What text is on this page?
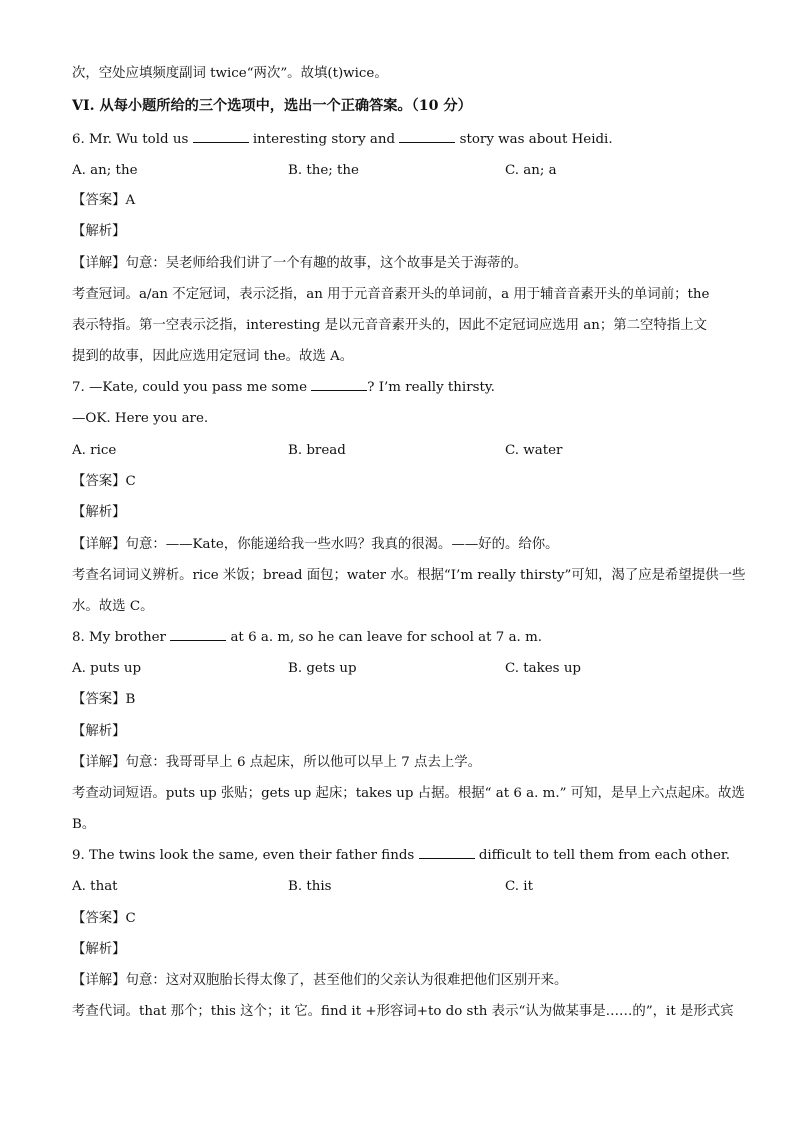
次，空处应填频度副词 twice“两次”。故填(t)wice。
VI. 从每小题所给的三个选项中，选出一个正确答案。（10 分）
6. Mr. Wu told us	interesting story and	story was about Heidi.
A. an; the	B. the; the	C. an; a
【答案】A
【解析】
【详解】句意：吴老师给我们讲了一个有趣的故事，这个故事是关于海蒂的。
考查冠词。a/an 不定冠词，表示泛指，an 用于元音音素开头的单词前，a 用于辅音音素开头的单词前；the
表示特指。第一空表示泛指，interesting 是以元音音素开头的，因此不定冠词应选用 an；第二空特指上文
提到的故事，因此应选用定冠词 the。故选 A。
7. —Kate, could you pass me some	? I’m really thirsty.
—OK. Here you are.
A. rice	B. bread	C. water
【答案】C
【解析】
【详解】句意：——Kate，你能递给我一些水吗？我真的很渴。——好的。给你。
考查名词词义辨析。rice 米饭；bread 面包；water 水。根据“I’m really thirsty”可知，渴了应是希望提供一些
水。故选 C。
8. My brother	at 6 a. m, so he can leave for school at 7 a. m.
A. puts up	B. gets up	C. takes up
【答案】B
【解析】
【详解】句意：我哥哥早上 6 点起床，所以他可以早上 7 点去上学。
考查动词短语。puts up 张贴；gets up 起床；takes up 占据。根据“ at 6 a. m.” 可知，是早上六点起床。故选
B。
9. The twins look the same, even their father finds	difficult to tell them from each other.
A. that	B. this	C. it
【答案】C
【解析】
【详解】句意：这对双胞胎长得太像了，甚至他们的父亲认为很难把他们区别开来。
考查代词。that 那个；this 这个；it 它。find it +形容词+to do sth 表示“认为做某事是……的”，it 是形式宾
